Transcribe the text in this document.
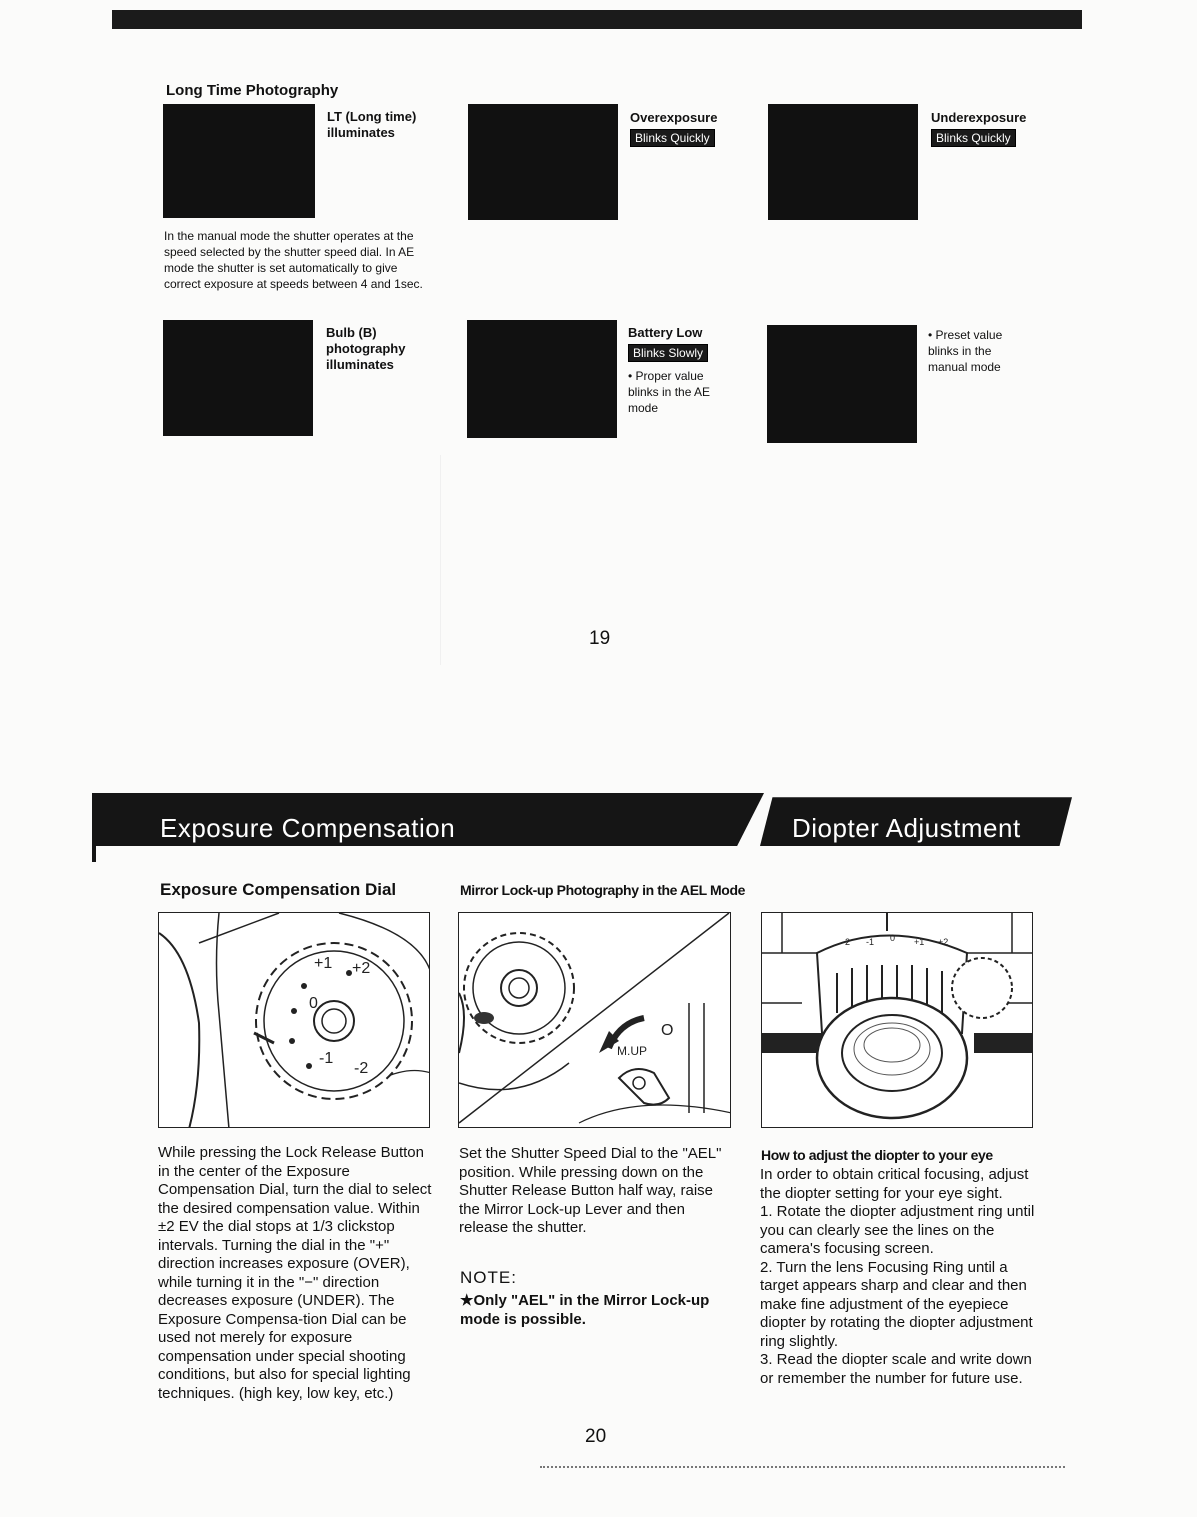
Long Time Photography
LT (Long time) illuminates
In the manual mode the shutter operates at the speed selected by the shutter speed dial. In AE mode the shutter is set automatically to give correct exposure at speeds between 4 and 1sec.
Bulb (B) photography illuminates
Overexposure
Blinks Quickly
Underexposure
Blinks Quickly
Battery Low
Blinks Slowly
• Proper value blinks in the AE mode
• Preset value blinks in the manual mode
19
Exposure Compensation	Diopter Adjustment
Exposure Compensation Dial	Mirror Lock-up Photography in the AEL Mode
+2
+1
0
-1
-2
O
M.UP
-2 -1 0 +1 +2
While pressing the Lock Release Button in the center of the Exposure Compensation Dial, turn the dial to select the desired compensation value. Within ±2 EV the dial stops at 1/3 clickstop intervals. Turning the dial in the "+" direction increases exposure (OVER), while turning it in the "−" direction decreases exposure (UNDER). The Exposure Compensa-tion Dial can be used not merely for exposure compensation under special shooting conditions, but also for special lighting techniques. (high key, low key, etc.)
Set the Shutter Speed Dial to the "AEL" position. While pressing down on the Shutter Release Button half way, raise the Mirror Lock-up Lever and then release the shutter.
NOTE:
★Only "AEL" in the Mirror Lock-up mode is possible.
How to adjust the diopter to your eye
In order to obtain critical focusing, adjust the diopter setting for your eye sight.
1. Rotate the diopter adjustment ring until you can clearly see the lines on the camera's focusing screen.
2. Turn the lens Focusing Ring until a target appears sharp and clear and then make fine adjustment of the eyepiece diopter by rotating the diopter adjustment ring slightly.
3. Read the diopter scale and write down or remember the number for future use.
20
